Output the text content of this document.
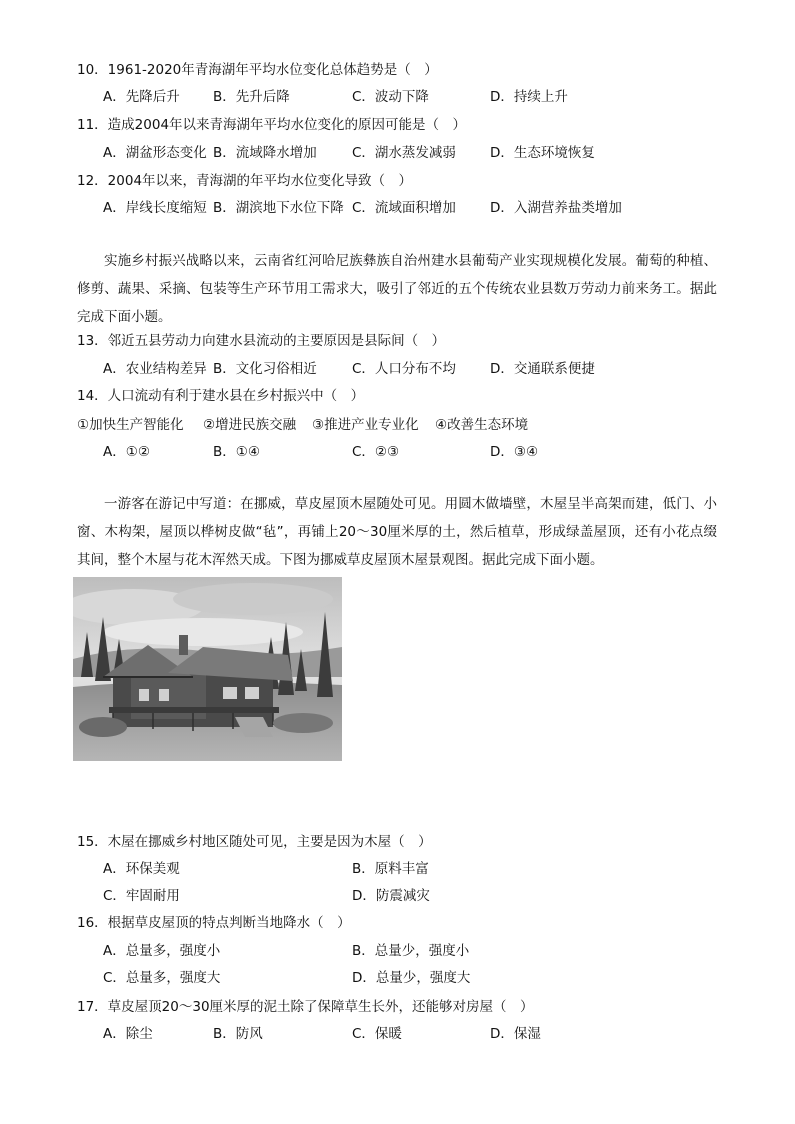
10．1961-2020年青海湖年平均水位变化总体趋势是（　）
A．先降后升 B．先升后降	C．波动下降	D．持续上升
11．造成2004年以来青海湖年平均水位变化的原因可能是（　）
A．湖盆形态变化 B．流域降水增加	C．湖水蒸发减弱	D．生态环境恢复
12．2004年以来，青海湖的年平均水位变化导致（　）
A．岸线长度缩短 B．湖滨地下水位下降 C．流域面积增加	D．入湖营养盐类增加
实施乡村振兴战略以来，云南省红河哈尼族彝族自治州建水县葡萄产业实现规模化发展。葡萄的种植、修剪、蔬果、采摘、包装等生产环节用工需求大，吸引了邻近的五个传统农业县数万劳动力前来务工。据此完成下面小题。
13．邻近五县劳动力向建水县流动的主要原因是县际间（　）
A．农业结构差异 B．文化习俗相近	C．人口分布不均	D．交通联系便捷
14．人口流动有利于建水县在乡村振兴中（　）
①加快生产智能化 ②增进民族交融 ③推进产业专业化 ④改善生态环境
A．①②	B．①④	C．②③	D．③④
一游客在游记中写道：在挪威，草皮屋顶木屋随处可见。用圆木做墙壁，木屋呈半高架而建，低门、小窗、木构架，屋顶以桦树皮做“毡”，再铺上20～30厘米厚的土，然后植草，形成绿盖屋顶，还有小花点缀其间，整个木屋与花木浑然天成。下图为挪威草皮屋顶木屋景观图。据此完成下面小题。
15．木屋在挪威乡村地区随处可见，主要是因为木屋（　）
A．环保美观	B．原料丰富
C．牢固耐用	D．防震减灾
16．根据草皮屋顶的特点判断当地降水（　）
A．总量多，强度小	B．总量少，强度小
C．总量多，强度大	D．总量少，强度大
17．草皮屋顶20～30厘米厚的泥土除了保障草生长外，还能够对房屋（　）
A．除尘	B．防风	C．保暖	D．保湿
